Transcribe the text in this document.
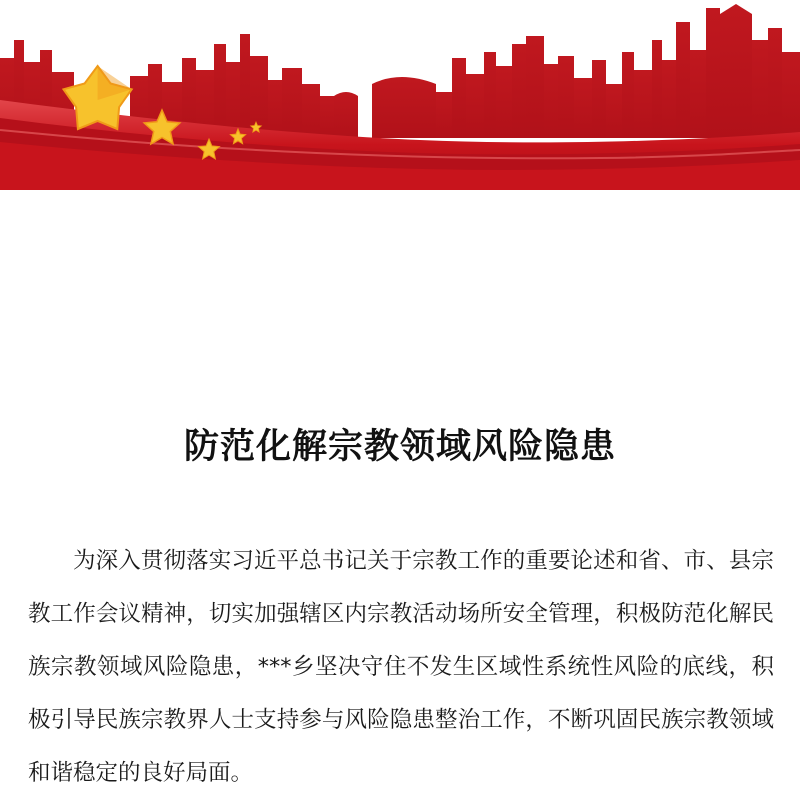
防范化解宗教领域风险隐患

为深入贯彻落实习近平总书记关于宗教工作的重要论述和省、市、县宗教工作会议精神，切实加强辖区内宗教活动场所安全管理，积极防范化解民族宗教领域风险隐患，***乡坚决守住不发生区域性系统性风险的底线，积极引导民族宗教界人士支持参与风险隐患整治工作，不断巩固民族宗教领域和谐稳定的良好局面。
